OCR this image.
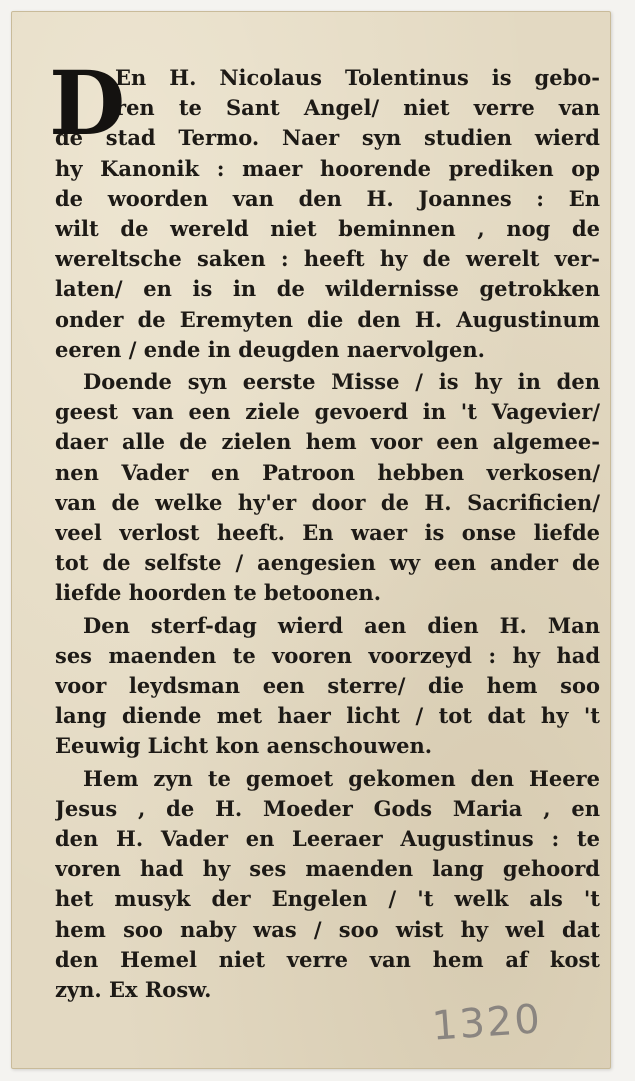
D
En H. Nicolaus Tolentinus is gebo-
ren te Sant Angel/ niet verre van
de stad Termo. Naer syn studien wierd
hy Kanonik : maer hoorende prediken op
de woorden van den H. Joannes : En
wilt de wereld niet beminnen , nog de
wereltsche saken : heeft hy de werelt ver-
laten/ en is in de wildernisse getrokken
onder de Eremyten die den H. Augustinum
eeren / ende in deugden naervolgen.
Doende syn eerste Misse / is hy in den
geest van een ziele gevoerd in 't Vagevier/
daer alle de zielen hem voor een algemee-
nen Vader en Patroon hebben verkosen/
van de welke hy'er door de H. Sacrificien/
veel verlost heeft. En waer is onse liefde
tot de selfste / aengesien wy een ander de
liefde hoorden te betoonen.
Den sterf-dag wierd aen dien H. Man
ses maenden te vooren voorzeyd : hy had
voor leydsman een sterre/ die hem soo
lang diende met haer licht / tot dat hy 't
Eeuwig Licht kon aenschouwen.
Hem zyn te gemoet gekomen den Heere
Jesus , de H. Moeder Gods Maria , en
den H. Vader en Leeraer Augustinus : te
voren had hy ses maenden lang gehoord
het musyk der Engelen / 't welk als 't
hem soo naby was / soo wist hy wel dat
den Hemel niet verre van hem af kost
zyn. Ex Rosw.
1320
